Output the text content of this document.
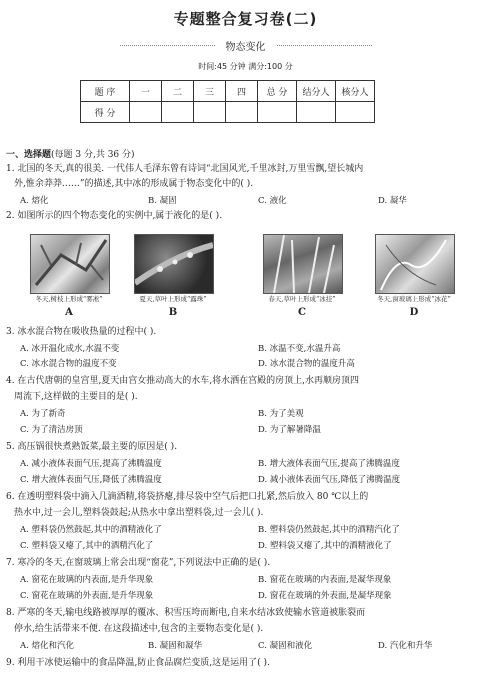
专题整合复习卷(二)
物态变化
时间:45 分钟 满分:100 分
题 序	一	二	三	四	总 分	结分人	核分人
得 分							
一、选择题(每题 3 分,共 36 分)
1. 北国的冬天,真的很美. 一代伟人毛泽东曾有诗词“北国风光,千里冰封,万里雪飘,望长城内
外,惟余莽莽……”的描述,其中冰的形成属于物态变化中的( ).
A. 熔化	B. 凝固	C. 液化	D. 凝华
2. 如图所示的四个物态变化的实例中,属于液化的是( ).
冬天,树枝上形成“雾凇”	夏天,草叶上形成“露珠”	春天,草叶上形成“冰挂”	冬天,窗玻璃上形成“冰花”
A	B	C	D
3. 冰水混合物在吸收热量的过程中( ).
A. 冰开温化成水,水温不变	B. 冰温不变,水温升高
C. 冰水混合物的温度不变	D. 冰水混合物的温度升高
4. 在古代唐朝的皇宫里,夏天由宫女推动高大的水车,将水洒在宫殿的房顶上,水再顺房顶四
周流下,这样做的主要目的是( ).
A. 为了新奇	B. 为了美观
C. 为了清洁房顶	D. 为了解暑降温
5. 高压锅很快煮熟饭菜,最主要的原因是( ).
A. 减小液体表面气压,提高了沸腾温度	B. 增大液体表面气压,提高了沸腾温度
C. 增大液体表面气压,降低了沸腾温度	D. 减小液体表面气压,降低了沸腾温度
6. 在透明塑料袋中滴入几滴酒精,将袋挤瘪,排尽袋中空气后把口扎紧,然后放入 80 ℃以上的
热水中,过一会儿,塑料袋鼓起;从热水中拿出塑料袋,过一会儿( ).
A. 塑料袋仍然鼓起,其中的酒精液化了	B. 塑料袋仍然鼓起,其中的酒精汽化了
C. 塑料袋又瘪了,其中的酒精汽化了	D. 塑料袋又瘪了,其中的酒精液化了
7. 寒冷的冬天,在窗玻璃上常会出现“窗花”,下列说法中正确的是( ).
A. 窗花在玻璃的内表面,是升华现象	B. 窗花在玻璃的内表面,是凝华现象
C. 窗花在玻璃的外表面,是升华现象	D. 窗花在玻璃的外表面,是凝华现象
8. 严寒的冬天,输电线路被厚厚的覆冰、积雪压垮而断电,自来水结冰致使输水管道被胀裂而
停水,给生活带来不便. 在这段描述中,包含的主要物态变化是( ).
A. 熔化和汽化	B. 凝固和凝华	C. 凝固和液化	D. 汽化和升华
9. 利用干冰使运输中的食品降温,防止食品腐烂变质,这是运用了( ).
